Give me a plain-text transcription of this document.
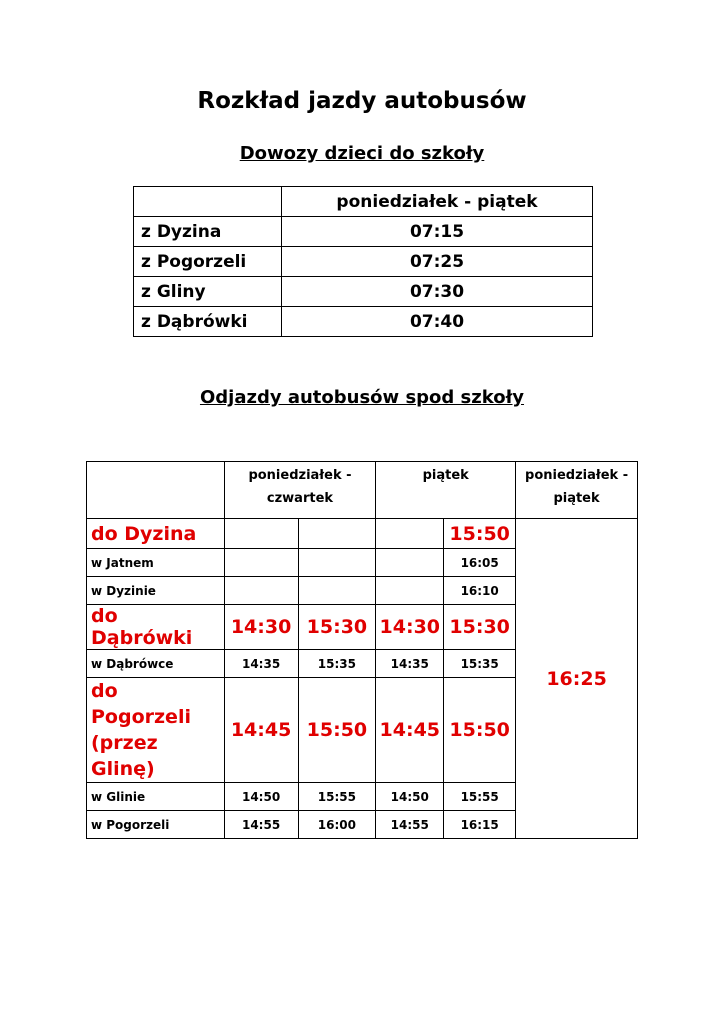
Rozkład jazdy autobusów
Dowozy dzieci do szkoły
	poniedziałek - piątek
z Dyzina	07:15
z Pogorzeli	07:25
z Gliny	07:30
z Dąbrówki	07:40
Odjazdy autobusów spod szkoły
	poniedziałek - czwartek		piątek		poniedziałek - piątek
do Dyzina				15:50	16:25
w Jatnem				16:05	
w Dyzinie				16:10	
do Dąbrówki	14:30	15:30	14:30	15:30	
w Dąbrówce	14:35	15:35	14:35	15:35	
do Pogorzeli (przez Glinę)	14:45	15:50	14:45	15:50	
w Glinie	14:50	15:55	14:50	15:55	
w Pogorzeli	14:55	16:00	14:55	16:15	
